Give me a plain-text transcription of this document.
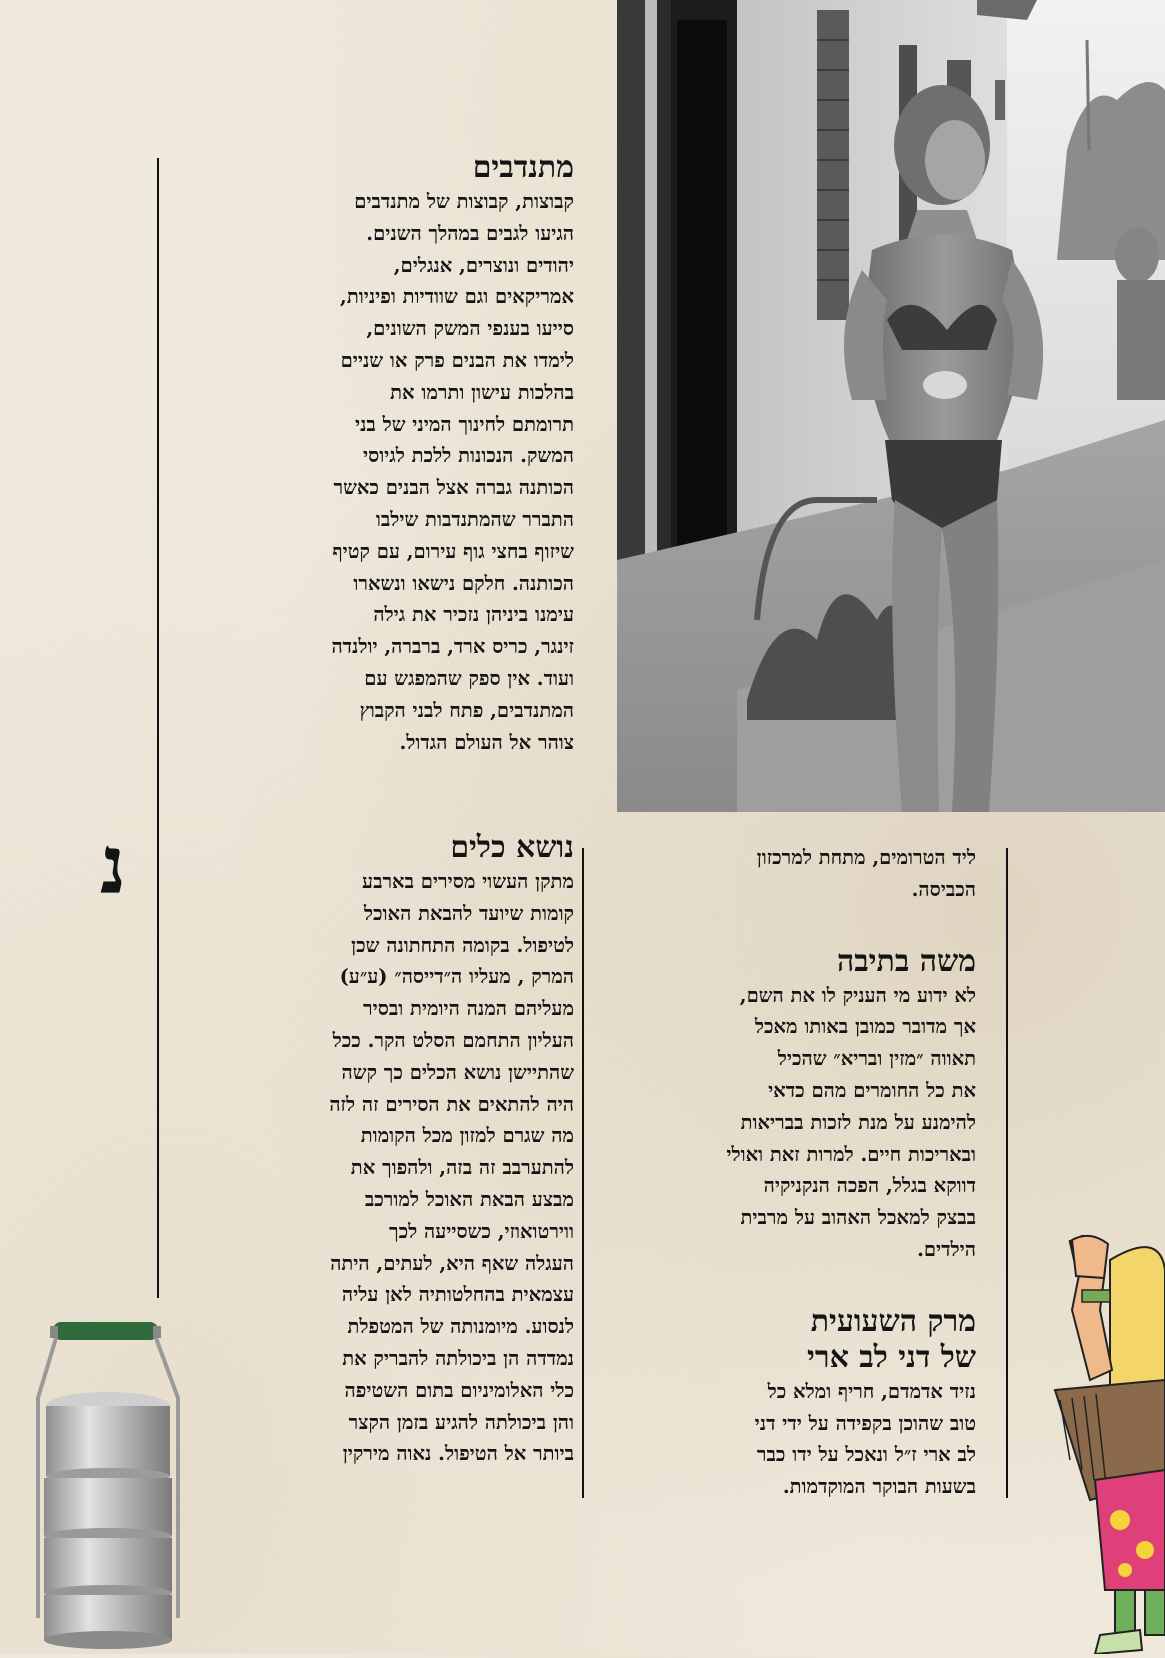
מתנדבים

קבוצות, קבוצות של מתנדבים
הגיעו לגבים במהלך השנים.
יהודים ונוצרים, אנגלים,
אמריקאים וגם שוודיות ופיניות,
סייעו בענפי המשק השונים,
לימדו את הבנים פרק או שניים
בהלכות עישון ותרמו את
תרומתם לחינוך המיני של בני
המשק. הנכונות ללכת לגיוסי
הכותנה גברה אצל הבנים כאשר
התברר שהמתנדבות שילבו
שיזוף בחצי גוף עירום, עם קטיף
הכותנה. חלקם נישאו ונשארו
עימנו ביניהן נזכיר את גילה
זינגר, כריס ארד, ברברה, יולנדה
ועוד. אין ספק שהמפגש עם
המתנדבים, פתח לבני הקבוץ
צוהר אל העולם הגדול.

נושא כלים

מתקן העשוי מסירים בארבע
קומות שיועד להבאת האוכל
לטיפול. בקומה התחתונה שכן
המרק , מעליו ה״דייסה״ (ע״ע)
מעליהם המנה היומית ובסיר
העליון התחמם הסלט הקר. ככל
שהתיישן נושא הכלים כך קשה
היה להתאים את הסירים זה לזה
מה שגרם למזון מכל הקומות
להתערבב זה בזה, ולהפוך את
מבצע הבאת האוכל למורכב
ווירטואוזי, כשסייעה לכך
העגלה שאף היא, לעתים, היתה
עצמאית בהחלטותיה לאן עליה
לנסוע. מיומנותה של המטפלת
נמדדה הן ביכולתה להבריק את
כלי האלומיניום בתום השטיפה
והן ביכולתה להגיע בזמן הקצר
ביותר אל הטיפול. נאוה מירקין

ליד הטרומים, מתחת למרכזון
הכביסה.

משה בתיבה

לא ידוע מי העניק לו את השם,
אך מדובר כמובן באותו מאכל
תאווה ״מזין ובריא״ שהכיל
את כל החומרים מהם כדאי
להימנע על מנת לזכות בבריאות
ובאריכות חיים. למרות זאת ואולי
דווקא בגלל, הפכה הנקניקיה
בבצק למאכל האהוב על מרבית
הילדים.

מרק השעועית
של דני לב ארי

נזיד אדמדם, חריף ומלא כל
טוב שהוכן בקפידה על ידי דני
לב ארי ז״ל ונאכל על ידו כבר
בשעות הבוקר המוקדמות.

נ
